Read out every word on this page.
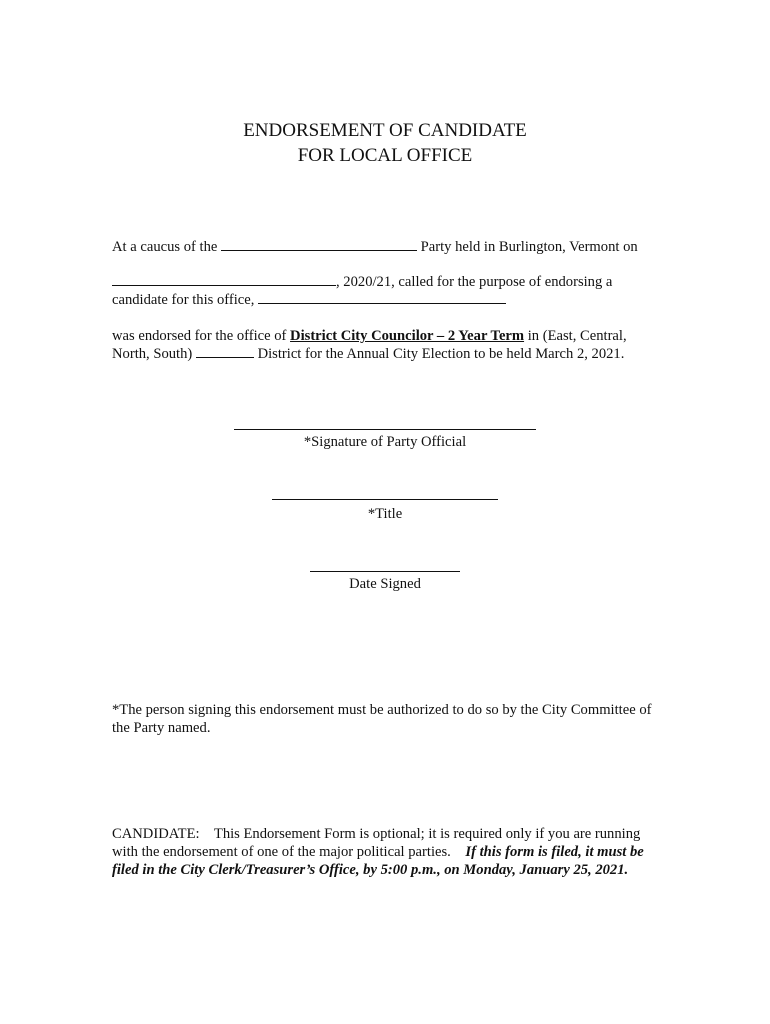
ENDORSEMENT OF CANDIDATE
FOR LOCAL OFFICE
At a caucus of the	Party held in Burlington, Vermont on
, 2020/21, called for the purpose of endorsing a
candidate for this office,
was endorsed for the office of District City Councilor – 2 Year Term in (East, Central,
North, South)	District for the Annual City Election to be held March 2, 2021.
*Signature of Party Official
*Title
Date Signed
*The person signing this endorsement must be authorized to do so by the City Committee of the Party named.
CANDIDATE: This Endorsement Form is optional; it is required only if you are running with the endorsement of one of the major political parties. If this form is filed, it must be filed in the City Clerk/Treasurer’s Office, by 5:00 p.m., on Monday, January 25, 2021.
